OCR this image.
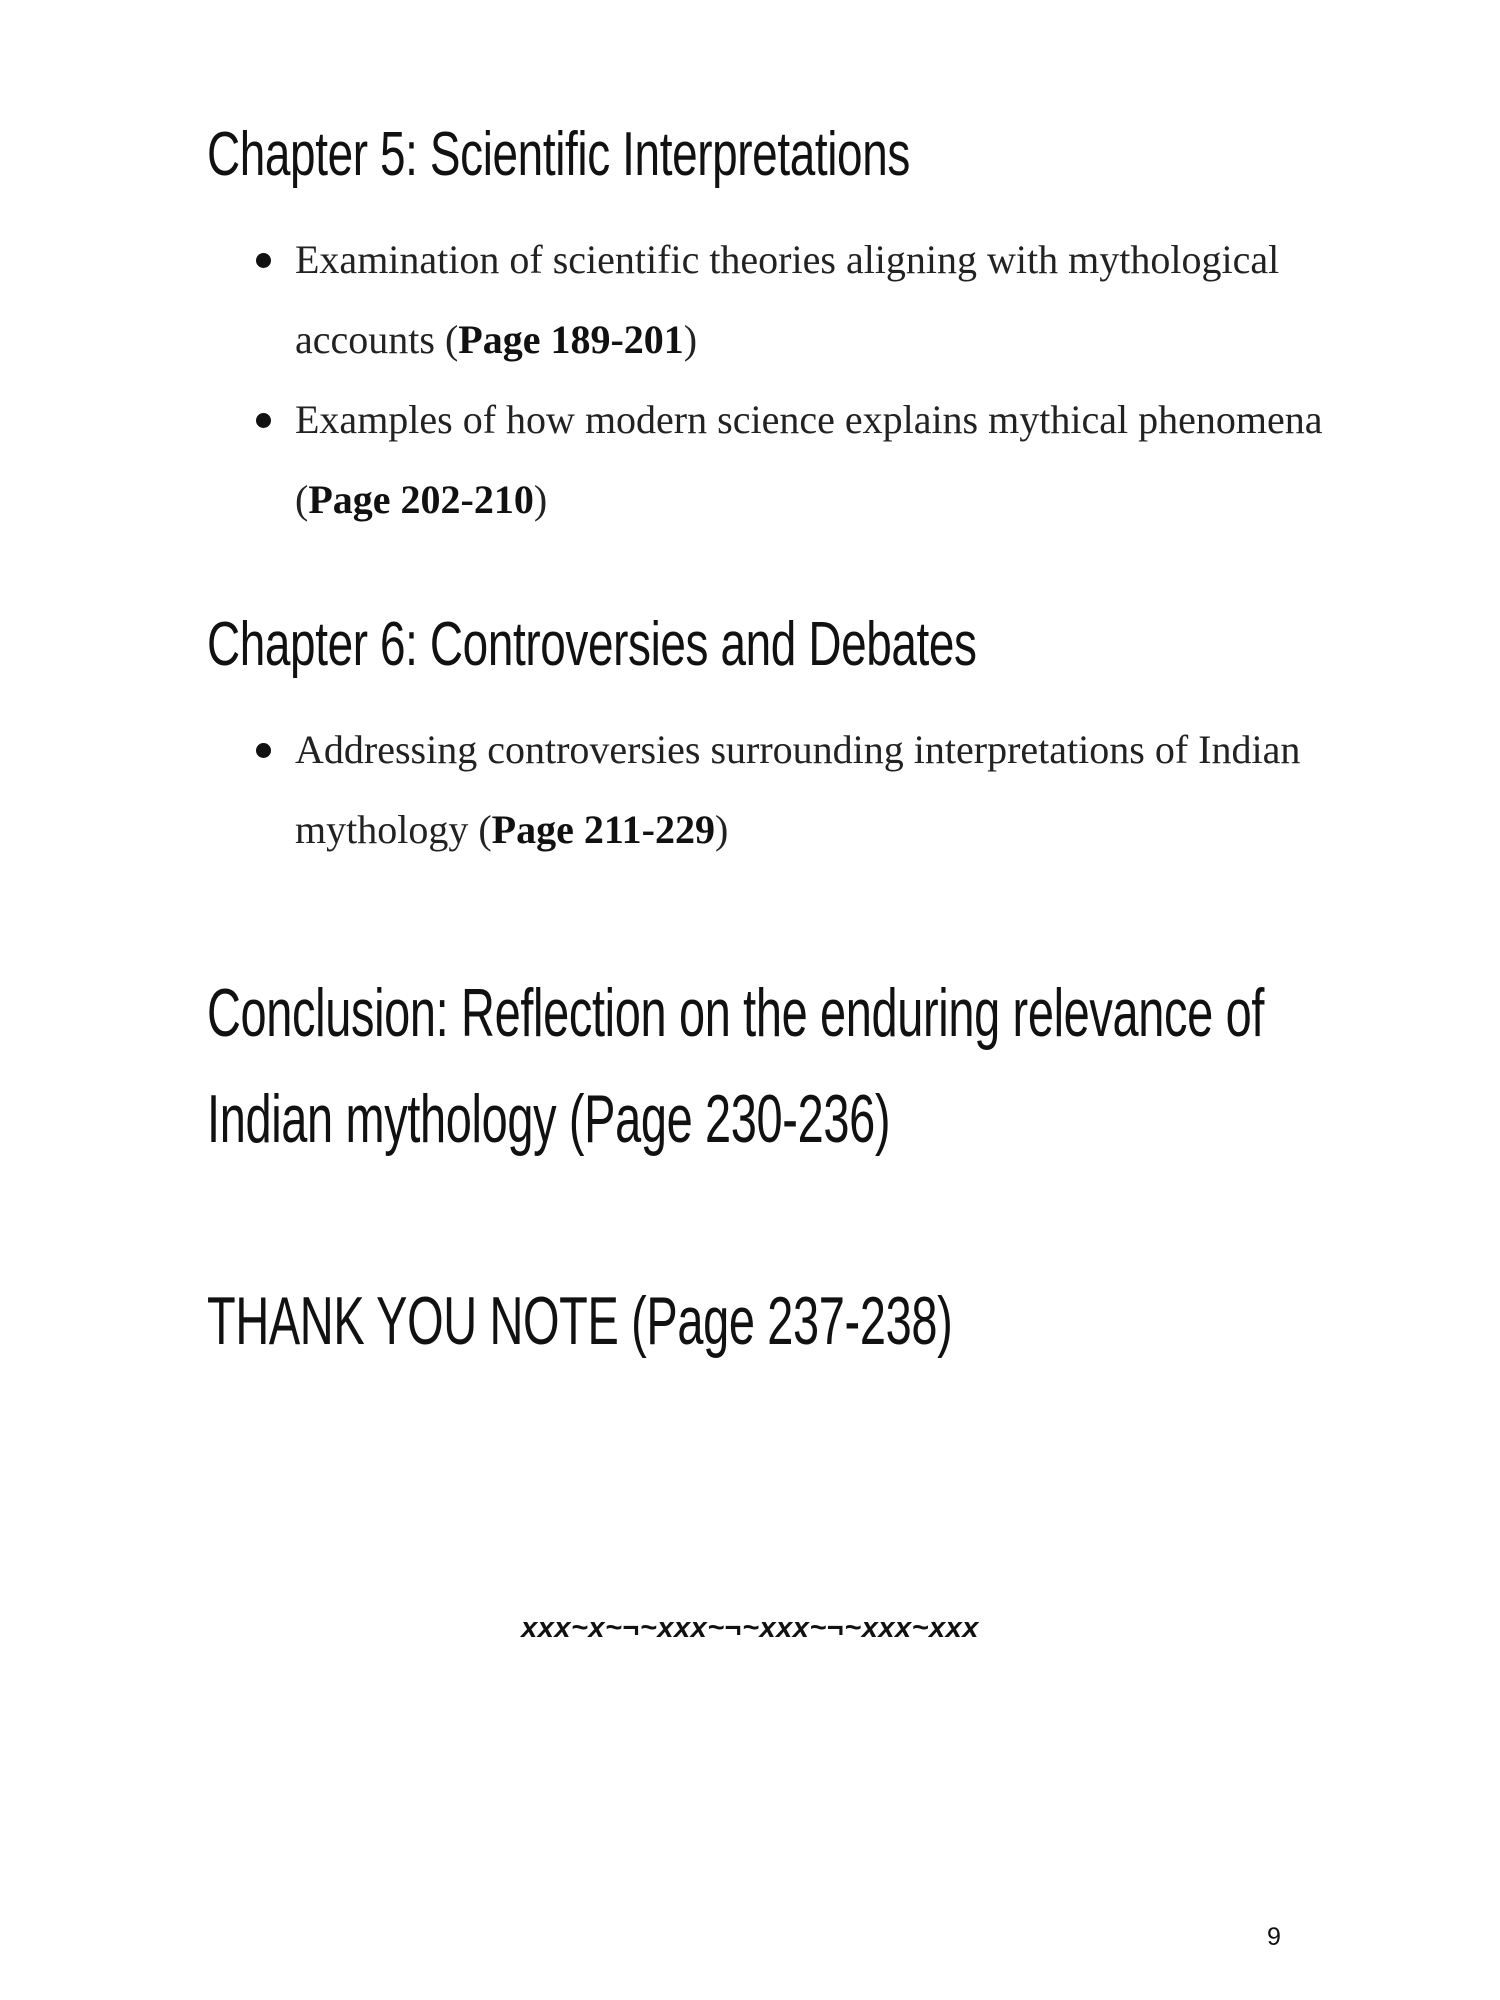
Chapter 5: Scientific Interpretations
Examination of scientific theories aligning with mythological accounts (Page 189-201)
Examples of how modern science explains mythical phenomena (Page 202-210)
Chapter 6: Controversies and Debates
Addressing controversies surrounding interpretations of Indian mythology (Page 211-229)
Conclusion: Reflection on the enduring relevance of
Indian mythology (Page 230-236)
THANK YOU NOTE (Page 237-238)
xxx~x~¬~xxx~¬~xxx~¬~xxx~xxx
9
